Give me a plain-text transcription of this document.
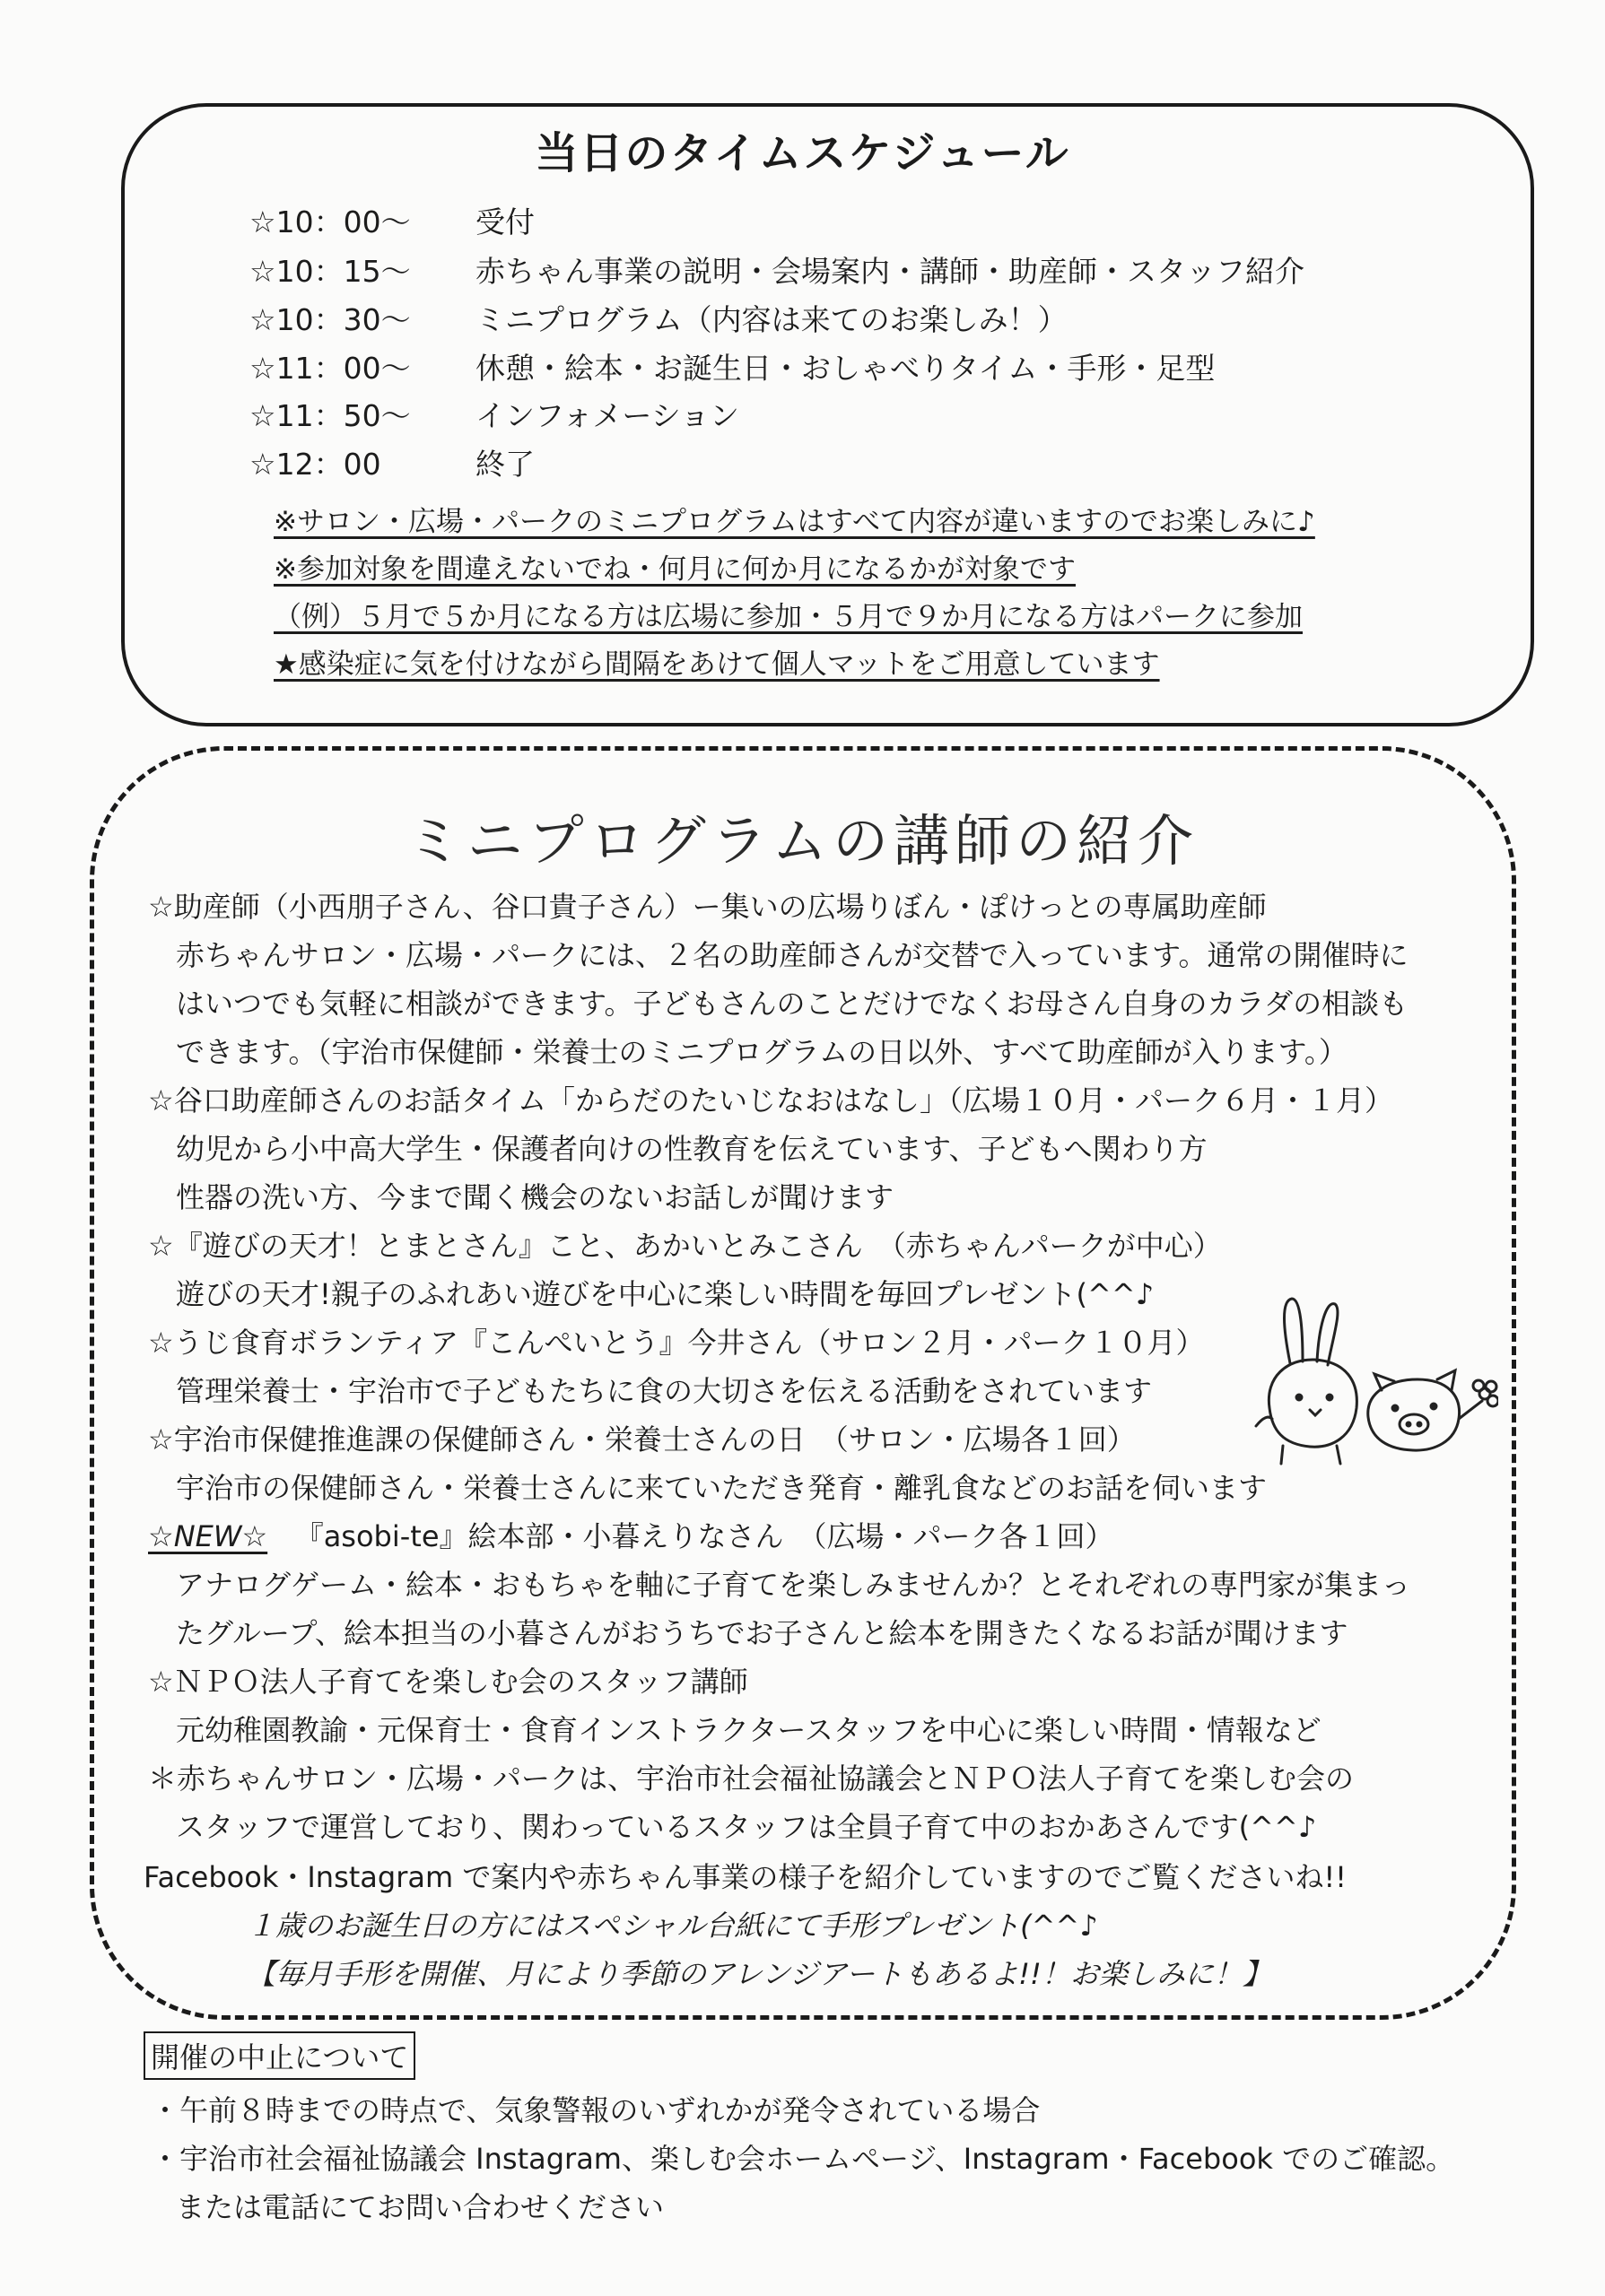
当日のタイムスケジュール
☆10：00～ 受付
☆10：15～ 赤ちゃん事業の説明・会場案内・講師・助産師・スタッフ紹介
☆10：30～ ミニプログラム（内容は来てのお楽しみ！）
☆11：00～ 休憩・絵本・お誕生日・おしゃべりタイム・手形・足型
☆11：50～ インフォメーション
☆12：00	終了
※サロン・広場・パークのミニプログラムはすべて内容が違いますのでお楽しみに♪
※参加対象を間違えないでね・何月に何か月になるかが対象です
（例）５月で５か月になる方は広場に参加・５月で９か月になる方はパークに参加
★感染症に気を付けながら間隔をあけて個人マットをご用意しています
ミニプログラムの講師の紹介
☆助産師（小西朋子さん、谷口貴子さん）ー集いの広場りぼん・ぽけっとの専属助産師
赤ちゃんサロン・広場・パークには、２名の助産師さんが交替で入っています。通常の開催時に
はいつでも気軽に相談ができます。子どもさんのことだけでなくお母さん自身のカラダの相談も
できます。（宇治市保健師・栄養士のミニプログラムの日以外、すべて助産師が入ります。）
☆谷口助産師さんのお話タイム「からだのたいじなおはなし」（広場１０月・パーク６月・１月）
幼児から小中高大学生・保護者向けの性教育を伝えています、子どもへ関わり方
性器の洗い方、今まで聞く機会のないお話しが聞けます
☆『遊びの天才！とまとさん』こと、あかいとみこさん　（赤ちゃんパークが中心）
遊びの天才!親子のふれあい遊びを中心に楽しい時間を毎回プレゼント(^^♪
☆うじ食育ボランティア『こんぺいとう』今井さん（サロン２月・パーク１０月）
管理栄養士・宇治市で子どもたちに食の大切さを伝える活動をされています
☆宇治市保健推進課の保健師さん・栄養士さんの日　（サロン・広場各１回）
宇治市の保健師さん・栄養士さんに来ていただき発育・離乳食などのお話を伺います
☆NEW☆ 『asobi‐te』絵本部・小暮えりなさん　（広場・パーク各１回）
アナログゲーム・絵本・おもちゃを軸に子育てを楽しみませんか？とそれぞれの専門家が集まっ
たグループ、絵本担当の小暮さんがおうちでお子さんと絵本を開きたくなるお話が聞けます
☆ＮＰＯ法人子育てを楽しむ会のスタッフ講師
元幼稚園教諭・元保育士・食育インストラクタースタッフを中心に楽しい時間・情報など
＊赤ちゃんサロン・広場・パークは、宇治市社会福祉協議会とＮＰＯ法人子育てを楽しむ会の
スタッフで運営しており、関わっているスタッフは全員子育て中のおかあさんです(^^♪
Facebook・Instagram で案内や赤ちゃん事業の様子を紹介していますのでご覧くださいね!!
１歳のお誕生日の方にはスペシャル台紙にて手形プレゼント(^^♪
【毎月手形を開催、月により季節のアレンジアートもあるよ!!！お楽しみに！】
開催の中止について
・午前８時までの時点で、気象警報のいずれかが発令されている場合
・宇治市社会福祉協議会 Instagram、楽しむ会ホームページ、Instagram・Facebook でのご確認。
または電話にてお問い合わせください
